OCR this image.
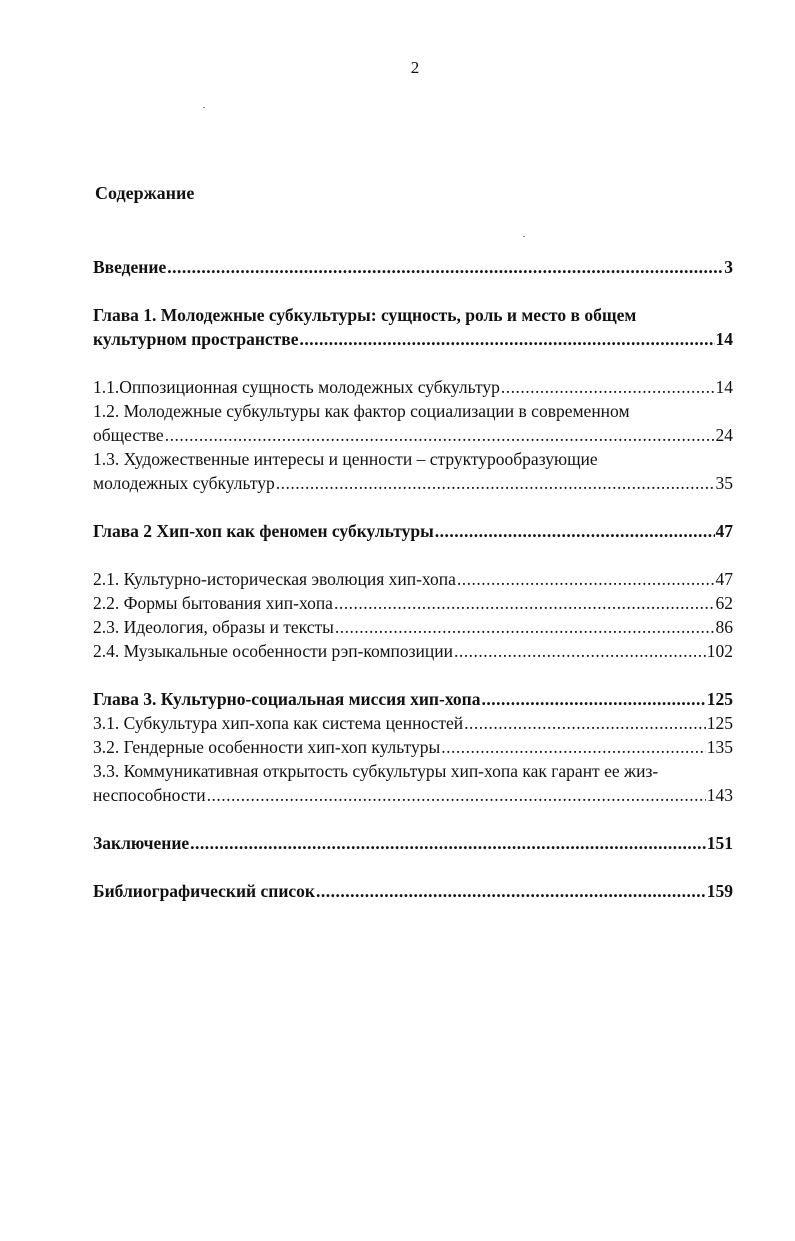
2
Содержание
Введение .....	3
Глава 1. Молодежные субкультуры: сущность, роль и место в общем
культурном пространстве .....	14
1.1.Оппозиционная сущность молодежных субкультур .....	14
1.2. Молодежные субкультуры как фактор социализации в современном
обществе .....	24
1.3. Художественные интересы и ценности – структурообразующие
молодежных субкультур .....	35
Глава 2 Хип-хоп как феномен субкультуры .....	47
2.1. Культурно-историческая эволюция хип-хопа .....	47
2.2. Формы бытования хип-хопа .....	62
2.3. Идеология, образы и тексты .....	86
2.4. Музыкальные особенности рэп-композиции .....	102
Глава 3. Культурно-социальная миссия хип-хопа .....	125
3.1. Субкультура хип-хопа как система ценностей .....	125
3.2. Гендерные особенности хип-хоп культуры .....	135
3.3. Коммуникативная открытость субкультуры хип-хопа как гарант ее жиз-
неспособности .....	143
Заключение .....	151
Библиографический список .....	159
